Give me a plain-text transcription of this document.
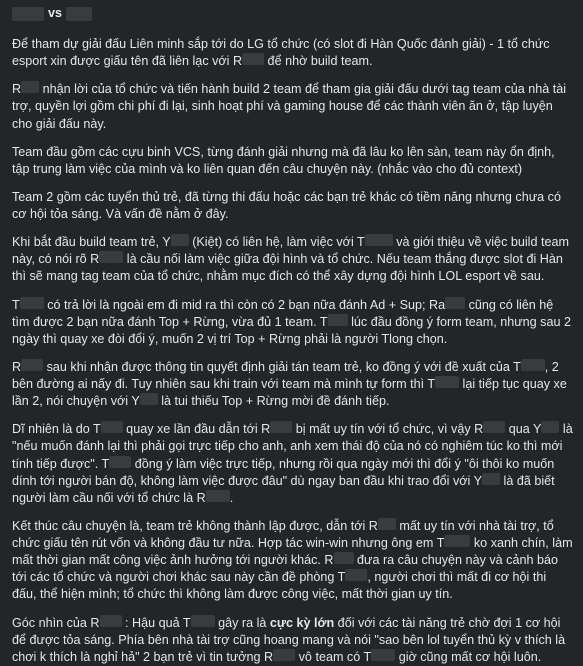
vs

Để tham dự giải đấu Liên minh sắp tới do LG tổ chức (có slot đi Hàn Quốc đánh giải) - 1 tổ chức esport xin được giấu tên đã liên lạc với R để nhờ build team.

R nhận lời của tổ chức và tiến hành build 2 team để tham gia giải đấu dưới tag team của nhà tài trợ, quyền lợi gồm chi phí đi lại, sinh hoạt phí và gaming house để các thành viên ăn ở, tập luyện cho giải đấu này.

Team đầu gồm các cựu binh VCS, từng đánh giải nhưng mà đã lâu ko lên sàn, team này ổn định, tập trung làm việc của mình và ko liên quan đến câu chuyện này. (nhắc vào cho đủ context)

Team 2 gồm các tuyển thủ trẻ, đã từng thi đấu hoặc các bạn trẻ khác có tiềm năng nhưng chưa có cơ hội tỏa sáng. Và vấn đề nằm ở đây.

Khi bắt đầu build team trẻ, Y (Kiệt) có liên hệ, làm việc với T và giới thiệu về việc build team này, có nói rõ R là cầu nối làm việc giữa đội hình và tổ chức. Nếu team thắng được slot đi Hàn thì sẽ mang tag team của tổ chức, nhằm mục đích có thể xây dựng đội hình LOL esport về sau.

T có trả lời là ngoài em đi mid ra thì còn có 2 bạn nữa đánh Ad + Sup; Ra cũng có liên hệ tìm được 2 bạn nữa đánh Top + Rừng, vừa đủ 1 team. T lúc đầu đồng ý form team, nhưng sau 2 ngày thì quay xe đòi đổi ý, muốn 2 vị trí Top + Rừng phải là người Tlong chọn.

R sau khi nhận được thông tin quyết định giải tán team trẻ, ko đồng ý với đề xuất của T , 2 bên đường ai nấy đi. Tuy nhiên sau khi train với team mà mình tự form thì T lại tiếp tục quay xe lần 2, nói chuyện với Y là tui thiếu Top + Rừng mời đề đánh tiếp.

Dĩ nhiên là do T quay xe lần đầu dẫn tới R bị mất uy tín với tổ chức, vì vậy R qua Y là "nếu muốn đánh lại thì phải gọi trực tiếp cho anh, anh xem thái độ của nó có nghiêm túc ko thì mới tính tiếp được". T đồng ý làm việc trực tiếp, nhưng rồi qua ngày mới thì đổi ý "ôi thôi ko muốn dính tới người bán độ, không làm việc được đâu" dù ngay ban đầu khi trao đổi với Y là đã biết người làm cầu nối với tổ chức là R .

Kết thúc câu chuyện là, team trẻ không thành lập được, dẫn tới R mất uy tín với nhà tài trợ, tổ chức giấu tên rút vốn và không đầu tư nữa. Hợp tác win-win nhưng ông em T ko xanh chín, làm mất thời gian mất công việc ảnh hưởng tới người khác. R đưa ra câu chuyện này và cảnh báo tới các tổ chức và người chơi khác sau này cần đề phòng T , người chơi thì mất đi cơ hội thi đấu, thể hiện mình; tổ chức thì không làm được công việc, mất thời gian uy tín.

Góc nhìn của R : Hậu quả T gây ra là cực kỳ lớn đối với các tài năng trẻ chờ đợi 1 cơ hội để được tỏa sáng. Phía bên nhà tài trợ cũng hoang mang và nói "sao bên lol tuyển thủ kỳ v thích là chơi k thích là nghỉ hả" 2 bạn trẻ vì tin tưởng R vô team có T giờ cũng mất cơ hội luôn.
